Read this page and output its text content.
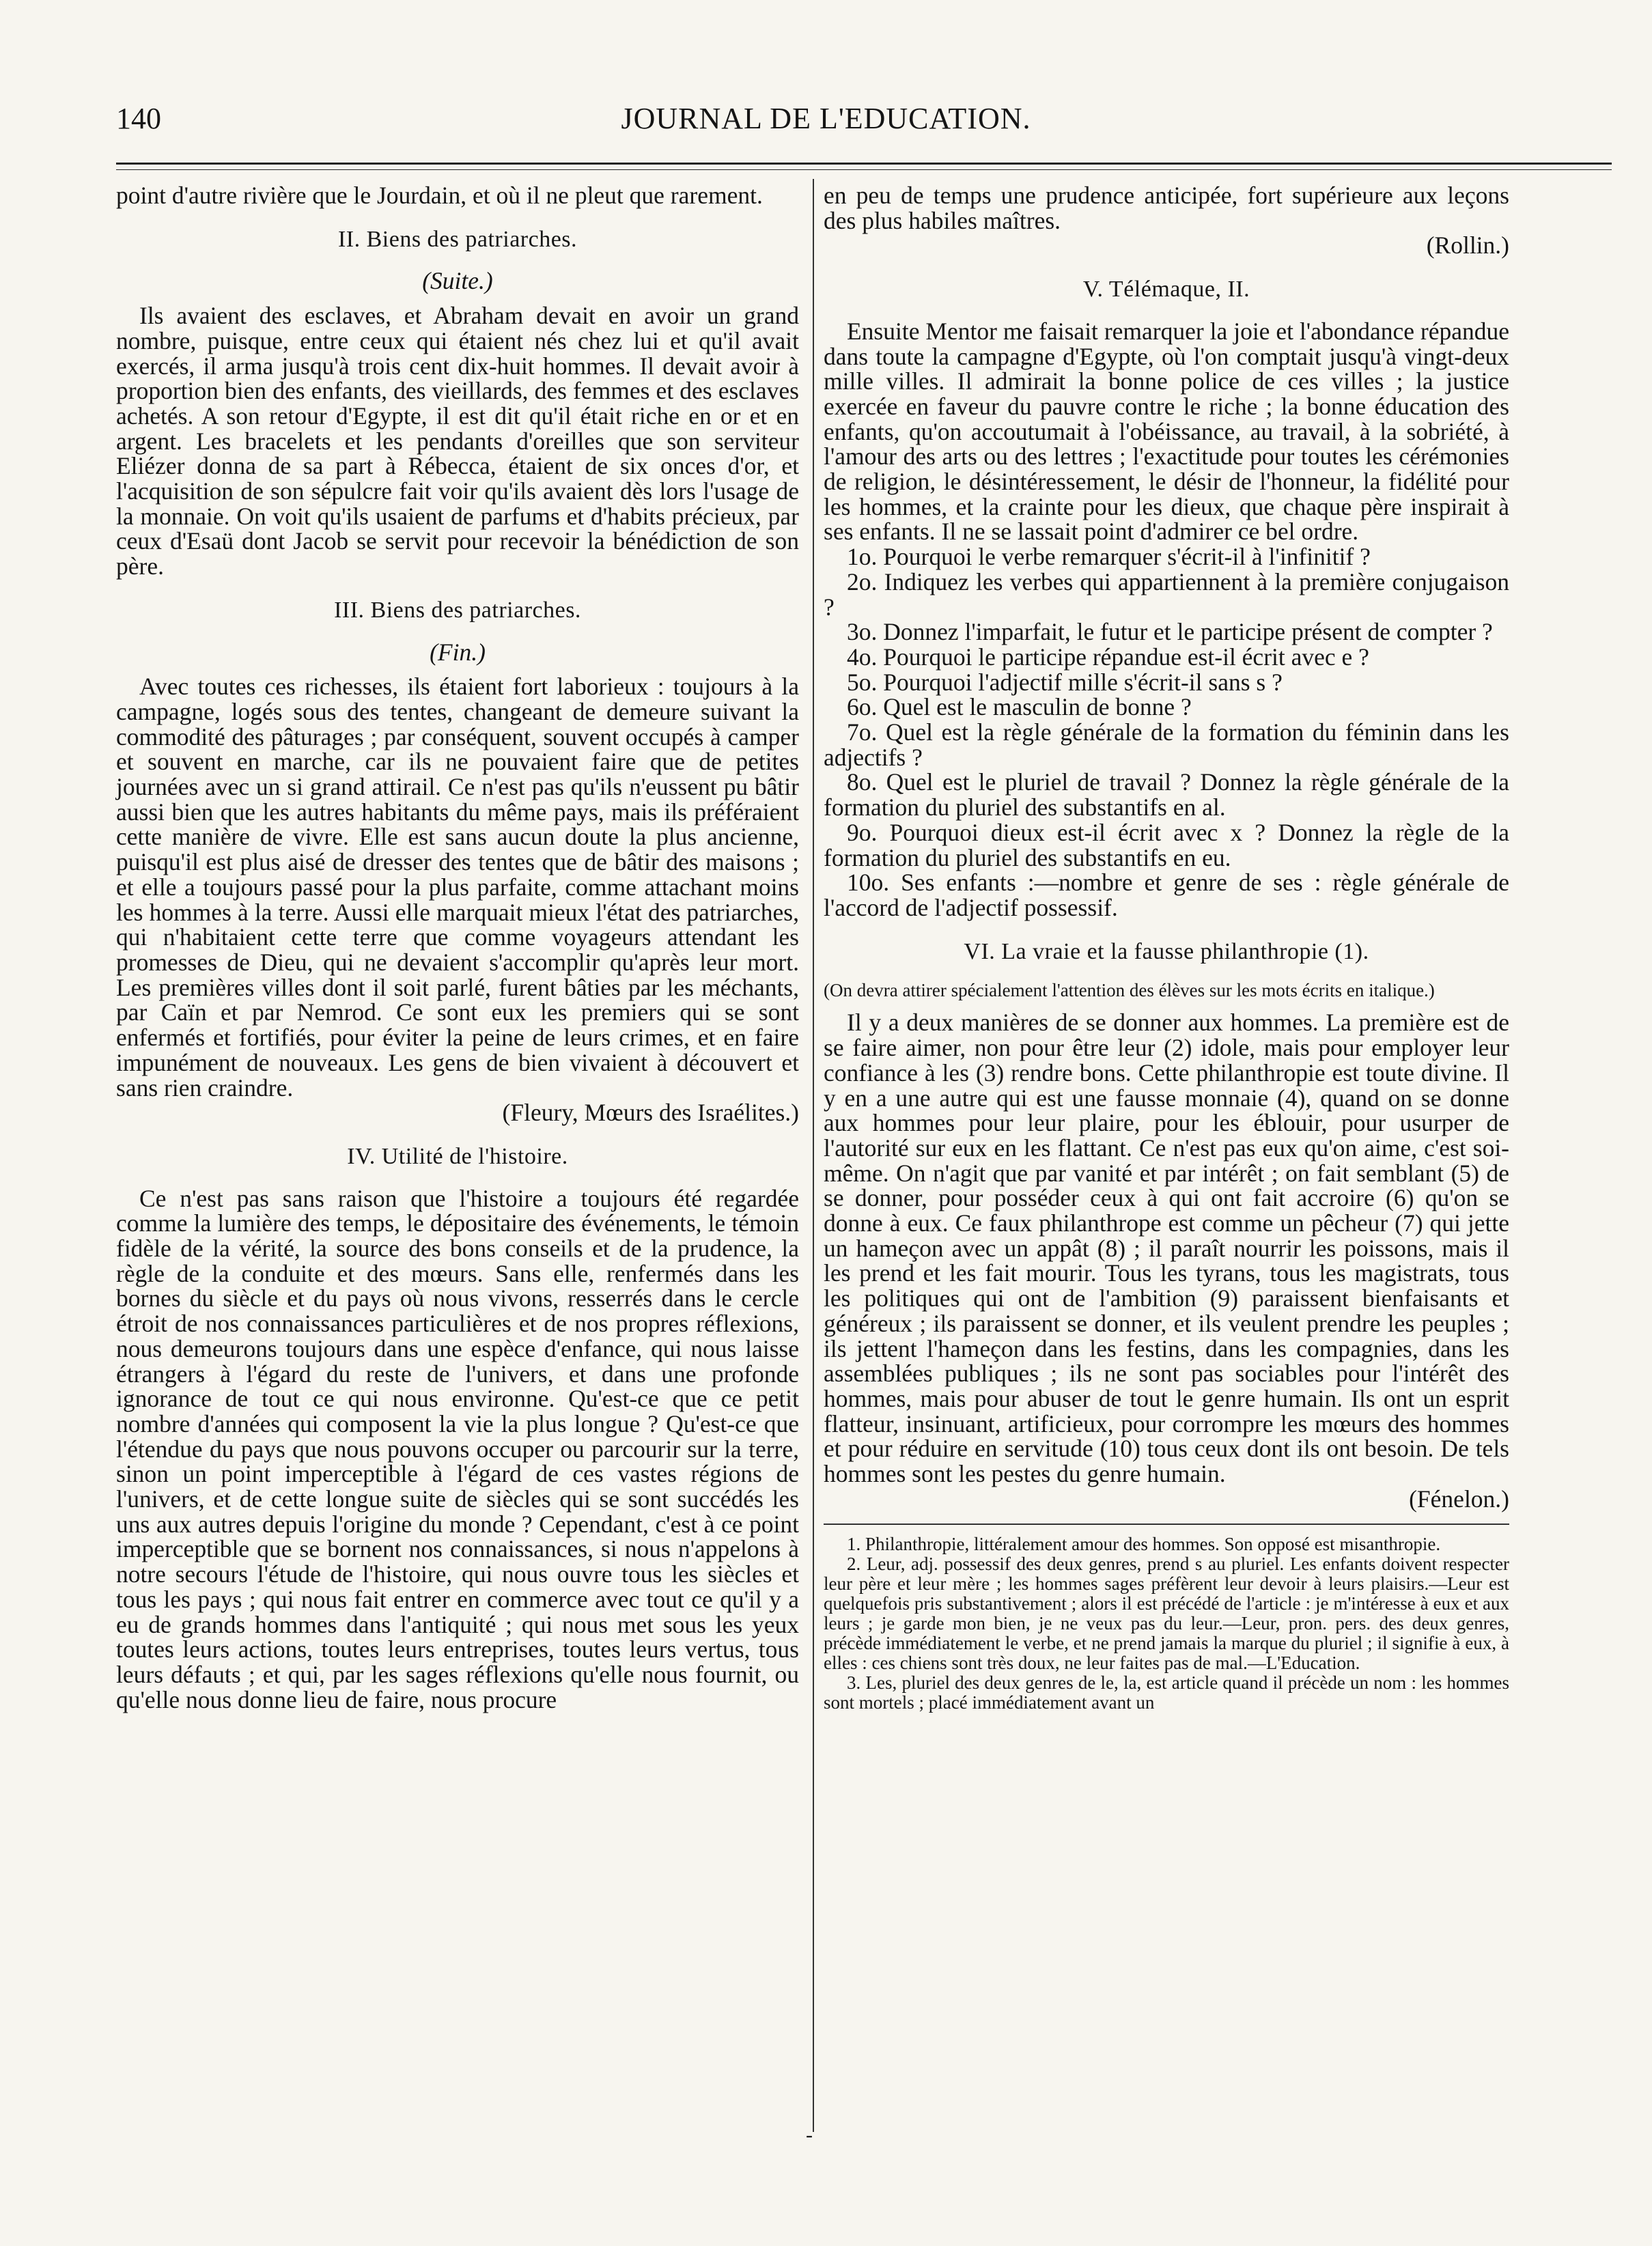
140	JOURNAL DE L'EDUCATION.

point d'autre rivière que le Jourdain, et où il ne pleut que rarement.

II. Biens des patriarches.
(Suite.)

Ils avaient des esclaves, et Abraham devait en avoir un grand nombre, puisque, entre ceux qui étaient nés chez lui et qu'il avait exercés, il arma jusqu'à trois cent dix-huit hommes. Il devait avoir à proportion bien des enfants, des vieillards, des femmes et des esclaves achetés. A son retour d'Egypte, il est dit qu'il était riche en or et en argent. Les bracelets et les pendants d'oreilles que son serviteur Eliézer donna de sa part à Rébecca, étaient de six onces d'or, et l'acquisition de son sépulcre fait voir qu'ils avaient dès lors l'usage de la monnaie. On voit qu'ils usaient de parfums et d'habits précieux, par ceux d'Esaü dont Jacob se servit pour recevoir la bénédiction de son père.

III. Biens des patriarches.
(Fin.)

Avec toutes ces richesses, ils étaient fort laborieux : toujours à la campagne, logés sous des tentes, changeant de demeure suivant la commodité des pâturages ; par conséquent, souvent occupés à camper et souvent en marche, car ils ne pouvaient faire que de petites journées avec un si grand attirail. Ce n'est pas qu'ils n'eussent pu bâtir aussi bien que les autres habitants du même pays, mais ils préféraient cette manière de vivre. Elle est sans aucun doute la plus ancienne, puisqu'il est plus aisé de dresser des tentes que de bâtir des maisons ; et elle a toujours passé pour la plus parfaite, comme attachant moins les hommes à la terre. Aussi elle marquait mieux l'état des patriarches, qui n'habitaient cette terre que comme voyageurs attendant les promesses de Dieu, qui ne devaient s'accomplir qu'après leur mort. Les premières villes dont il soit parlé, furent bâties par les méchants, par Caïn et par Nemrod. Ce sont eux les premiers qui se sont enfermés et fortifiés, pour éviter la peine de leurs crimes, et en faire impunément de nouveaux. Les gens de bien vivaient à découvert et sans rien craindre.

(Fleury, Mœurs des Israélites.)

IV. Utilité de l'histoire.

Ce n'est pas sans raison que l'histoire a toujours été regardée comme la lumière des temps, le dépositaire des événements, le témoin fidèle de la vérité, la source des bons conseils et de la prudence, la règle de la conduite et des mœurs. Sans elle, renfermés dans les bornes du siècle et du pays où nous vivons, resserrés dans le cercle étroit de nos connaissances particulières et de nos propres réflexions, nous demeurons toujours dans une espèce d'enfance, qui nous laisse étrangers à l'égard du reste de l'univers, et dans une profonde ignorance de tout ce qui nous environne. Qu'est-ce que ce petit nombre d'années qui composent la vie la plus longue ? Qu'est-ce que l'étendue du pays que nous pouvons occuper ou parcourir sur la terre, sinon un point imperceptible à l'égard de ces vastes régions de l'univers, et de cette longue suite de siècles qui se sont succédés les uns aux autres depuis l'origine du monde ? Cependant, c'est à ce point imperceptible que se bornent nos connaissances, si nous n'appelons à notre secours l'étude de l'histoire, qui nous ouvre tous les siècles et tous les pays ; qui nous fait entrer en commerce avec tout ce qu'il y a eu de grands hommes dans l'antiquité ; qui nous met sous les yeux toutes leurs actions, toutes leurs entreprises, toutes leurs vertus, tous leurs défauts ; et qui, par les sages réflexions qu'elle nous fournit, ou qu'elle nous donne lieu de faire, nous procure

en peu de temps une prudence anticipée, fort supérieure aux leçons des plus habiles maîtres.

(Rollin.)

V. Télémaque, II.

Ensuite Mentor me faisait remarquer la joie et l'abondance répandue dans toute la campagne d'Egypte, où l'on comptait jusqu'à vingt-deux mille villes. Il admirait la bonne police de ces villes ; la justice exercée en faveur du pauvre contre le riche ; la bonne éducation des enfants, qu'on accoutumait à l'obéissance, au travail, à la sobriété, à l'amour des arts ou des lettres ; l'exactitude pour toutes les cérémonies de religion, le désintéressement, le désir de l'honneur, la fidélité pour les hommes, et la crainte pour les dieux, que chaque père inspirait à ses enfants. Il ne se lassait point d'admirer ce bel ordre.

1o. Pourquoi le verbe remarquer s'écrit-il à l'infinitif ?

2o. Indiquez les verbes qui appartiennent à la première conjugaison ?

3o. Donnez l'imparfait, le futur et le participe présent de compter ?

4o. Pourquoi le participe répandue est-il écrit avec e ?

5o. Pourquoi l'adjectif mille s'écrit-il sans s ?

6o. Quel est le masculin de bonne ?

7o. Quel est la règle générale de la formation du féminin dans les adjectifs ?

8o. Quel est le pluriel de travail ? Donnez la règle générale de la formation du pluriel des substantifs en al.

9o. Pourquoi dieux est-il écrit avec x ? Donnez la règle de la formation du pluriel des substantifs en eu.

10o. Ses enfants :—nombre et genre de ses : règle générale de l'accord de l'adjectif possessif.

VI. La vraie et la fausse philanthropie (1).

(On devra attirer spécialement l'attention des élèves sur les mots écrits en italique.)

Il y a deux manières de se donner aux hommes. La première est de se faire aimer, non pour être leur (2) idole, mais pour employer leur confiance à les (3) rendre bons. Cette philanthropie est toute divine. Il y en a une autre qui est une fausse monnaie (4), quand on se donne aux hommes pour leur plaire, pour les éblouir, pour usurper de l'autorité sur eux en les flattant. Ce n'est pas eux qu'on aime, c'est soi-même. On n'agit que par vanité et par intérêt ; on fait semblant (5) de se donner, pour posséder ceux à qui ont fait accroire (6) qu'on se donne à eux. Ce faux philanthrope est comme un pêcheur (7) qui jette un hameçon avec un appât (8) ; il paraît nourrir les poissons, mais il les prend et les fait mourir. Tous les tyrans, tous les magistrats, tous les politiques qui ont de l'ambition (9) paraissent bienfaisants et généreux ; ils paraissent se donner, et ils veulent prendre les peuples ; ils jettent l'hameçon dans les festins, dans les compagnies, dans les assemblées publiques ; ils ne sont pas sociables pour l'intérêt des hommes, mais pour abuser de tout le genre humain. Ils ont un esprit flatteur, insinuant, artificieux, pour corrompre les mœurs des hommes et pour réduire en servitude (10) tous ceux dont ils ont besoin. De tels hommes sont les pestes du genre humain.

(Fénelon.)

1. Philanthropie, littéralement amour des hommes. Son opposé est misanthropie.

2. Leur, adj. possessif des deux genres, prend s au pluriel. Les enfants doivent respecter leur père et leur mère ; les hommes sages préfèrent leur devoir à leurs plaisirs.—Leur est quelquefois pris substantivement ; alors il est précédé de l'article : je m'intéresse à eux et aux leurs ; je garde mon bien, je ne veux pas du leur.—Leur, pron. pers. des deux genres, précède immédiatement le verbe, et ne prend jamais la marque du pluriel ; il signifie à eux, à elles : ces chiens sont très doux, ne leur faites pas de mal.—L'Education.

3. Les, pluriel des deux genres de le, la, est article quand il précède un nom : les hommes sont mortels ; placé immédiatement avant un

-
